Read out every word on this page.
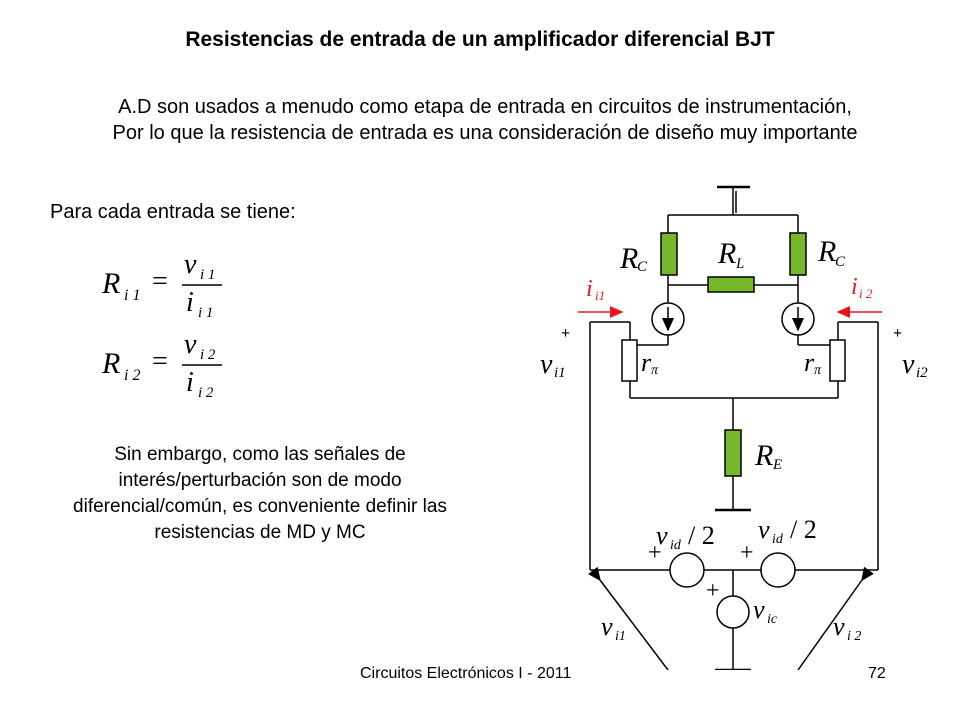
Resistencias de entrada de un amplificador diferencial BJT
A.D son usados a menudo como etapa de entrada en circuitos de instrumentación,
Por lo que la resistencia de entrada es una consideración de diseño muy importante
Para cada entrada se tiene:
R i 1 =
v i 1
i i 1
R i 2 =
v i 2
i i 2
Sin embargo, como las señales de interés/perturbación son de modo diferencial/común, es conveniente definir las resistencias de MD y MC
R
C R L R
C
i i1	i i 2
+	+
v i1	v i2
r π	r π
R E
v id / 2 v id / 2
+	+
+
v ic
v i1	v i 2
Circuitos Electrónicos I - 2011	72
